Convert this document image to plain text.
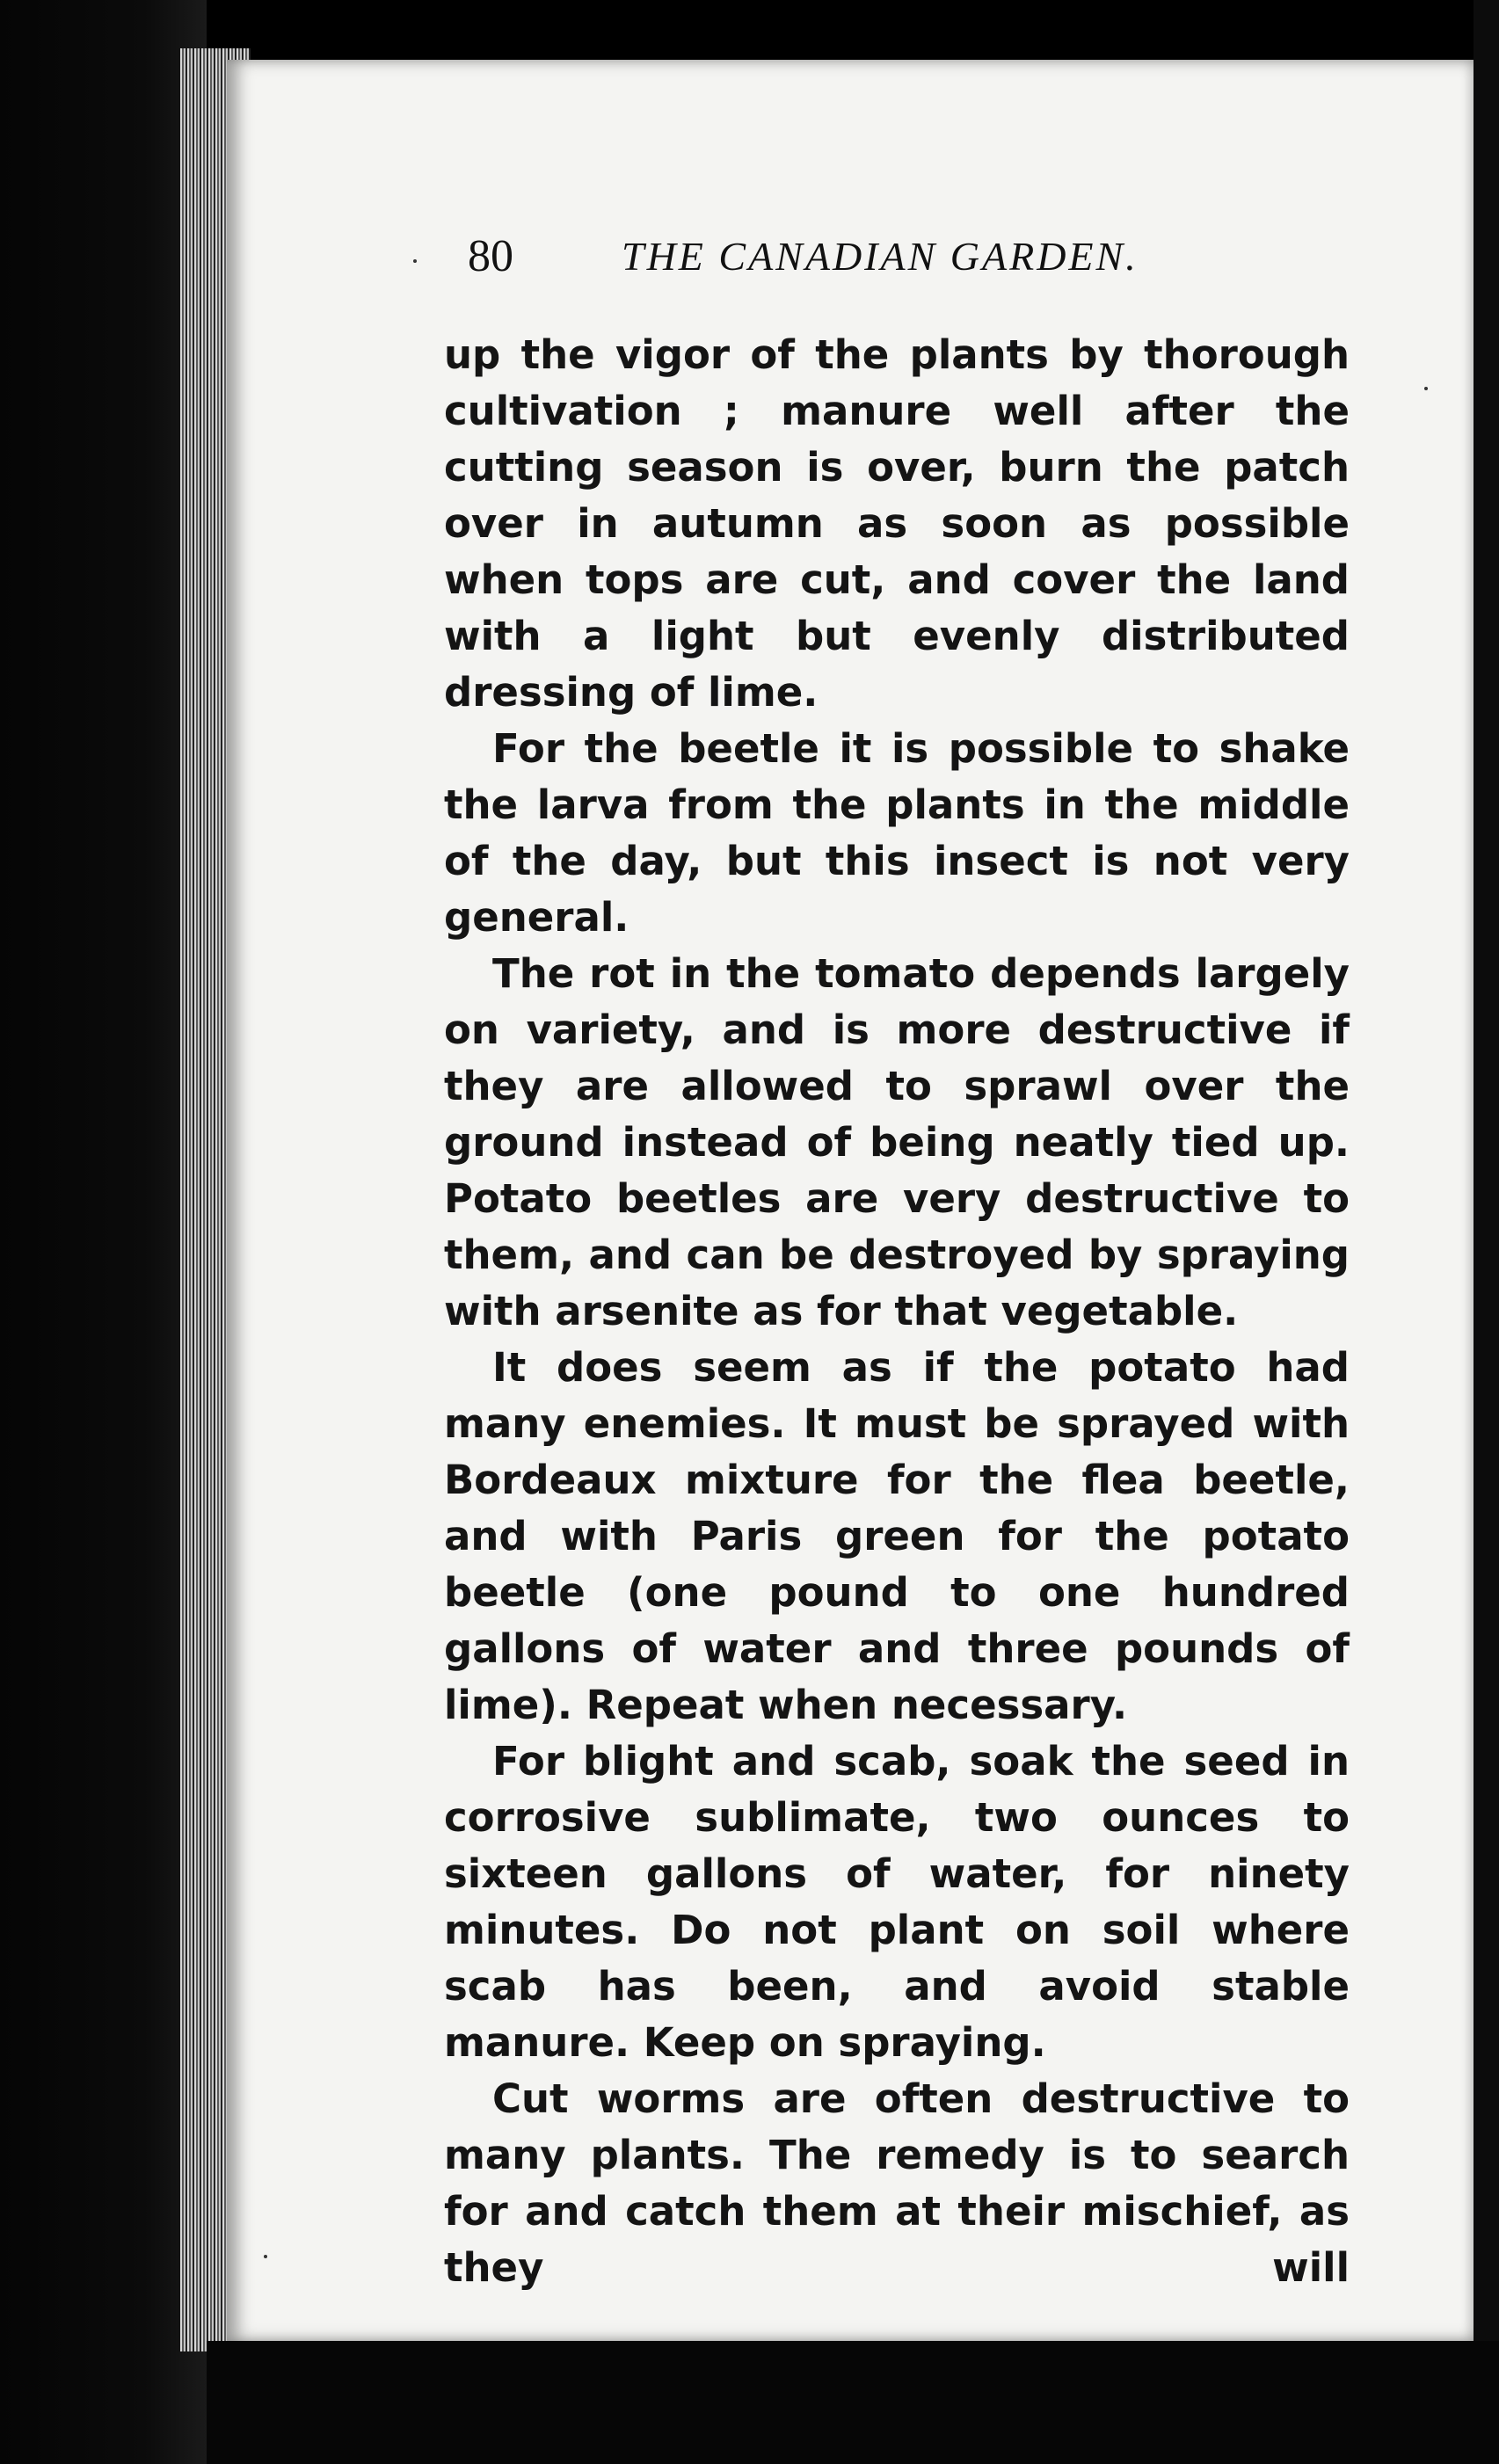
80	THE CANADIAN GARDEN.

up the vigor of the plants by thorough cultivation ; manure well after the cutting season is over, burn the patch over in autumn as soon as possible when tops are cut, and cover the land with a light but evenly distributed dressing of lime.

For the beetle it is possible to shake the larva from the plants in the middle of the day, but this insect is not very general.

The rot in the tomato depends largely on variety, and is more destructive if they are allowed to sprawl over the ground instead of being neatly tied up. Potato beetles are very destructive to them, and can be destroyed by spraying with arsenite as for that vegetable.

It does seem as if the potato had many enemies. It must be sprayed with Bordeaux mixture for the flea beetle, and with Paris green for the potato beetle (one pound to one hundred gallons of water and three pounds of lime). Repeat when necessary.

For blight and scab, soak the seed in corrosive sublimate, two ounces to sixteen gallons of water, for ninety minutes. Do not plant on soil where scab has been, and avoid stable manure. Keep on spraying.

Cut worms are often destructive to many plants. The remedy is to search for and catch them at their mischief, as they will
